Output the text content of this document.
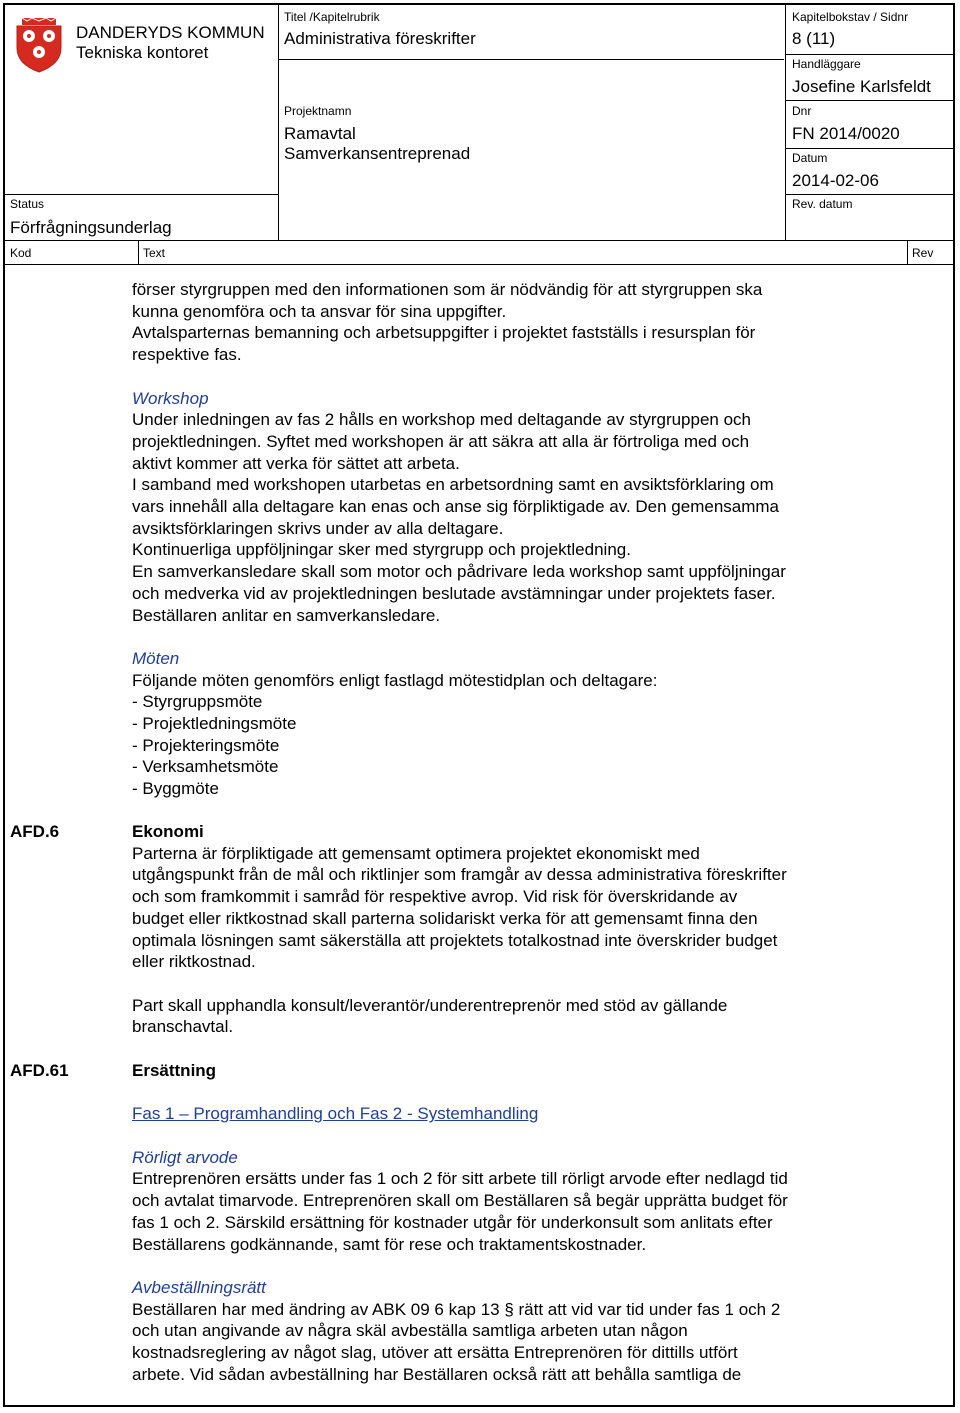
DANDERYDS KOMMUN
Tekniska kontoret
Titel /Kapitelrubrik
Administrativa föreskrifter
Kapitelbokstav / Sidnr
8 (11)
Handläggare
Josefine Karlsfeldt
Projektnamn
Ramavtal
Samverkansentreprenad
Dnr
FN 2014/0020
Datum
2014-02-06
Status
Förfrågningsunderlag
Rev. datum
Kod	Text	Rev

förser styrgruppen med den informationen som är nödvändig för att styrgruppen ska

kunna genomföra och ta ansvar för sina uppgifter.

Avtalsparternas bemanning och arbetsuppgifter i projektet fastställs i resursplan för

respektive fas.

Workshop

Under inledningen av fas 2 hålls en workshop med deltagande av styrgruppen och

projektledningen. Syftet med workshopen är att säkra att alla är förtroliga med och

aktivt kommer att verka för sättet att arbeta.

I samband med workshopen utarbetas en arbetsordning samt en avsiktsförklaring om

vars innehåll alla deltagare kan enas och anse sig förpliktigade av. Den gemensamma

avsiktsförklaringen skrivs under av alla deltagare.

Kontinuerliga uppföljningar sker med styrgrupp och projektledning.

En samverkansledare skall som motor och pådrivare leda workshop samt uppföljningar

och medverka vid av projektledningen beslutade avstämningar under projektets faser.

Beställaren anlitar en samverkansledare.

Möten

Följande möten genomförs enligt fastlagd mötestidplan och deltagare:

- Styrgruppsmöte

- Projektledningsmöte

- Projekteringsmöte

- Verksamhetsmöte

- Byggmöte

AFD.6	Ekonomi

Parterna är förpliktigade att gemensamt optimera projektet ekonomiskt med

utgångspunkt från de mål och riktlinjer som framgår av dessa administrativa föreskrifter

och som framkommit i samråd för respektive avrop. Vid risk för överskridande av

budget eller riktkostnad skall parterna solidariskt verka för att gemensamt finna den

optimala lösningen samt säkerställa att projektets totalkostnad inte överskrider budget

eller riktkostnad.

Part skall upphandla konsult/leverantör/underentreprenör med stöd av gällande

branschavtal.

AFD.61	Ersättning

Fas 1 – Programhandling och Fas 2 - Systemhandling

Rörligt arvode

Entreprenören ersätts under fas 1 och 2 för sitt arbete till rörligt arvode efter nedlagd tid

och avtalat timarvode. Entreprenören skall om Beställaren så begär upprätta budget för

fas 1 och 2. Särskild ersättning för kostnader utgår för underkonsult som anlitats efter

Beställarens godkännande, samt för rese och traktamentskostnader.

Avbeställningsrätt

Beställaren har med ändring av ABK 09 6 kap 13 § rätt att vid var tid under fas 1 och 2

och utan angivande av några skäl avbeställa samtliga arbeten utan någon

kostnadsreglering av något slag, utöver att ersätta Entreprenören för dittills utfört

arbete. Vid sådan avbeställning har Beställaren också rätt att behålla samtliga de
